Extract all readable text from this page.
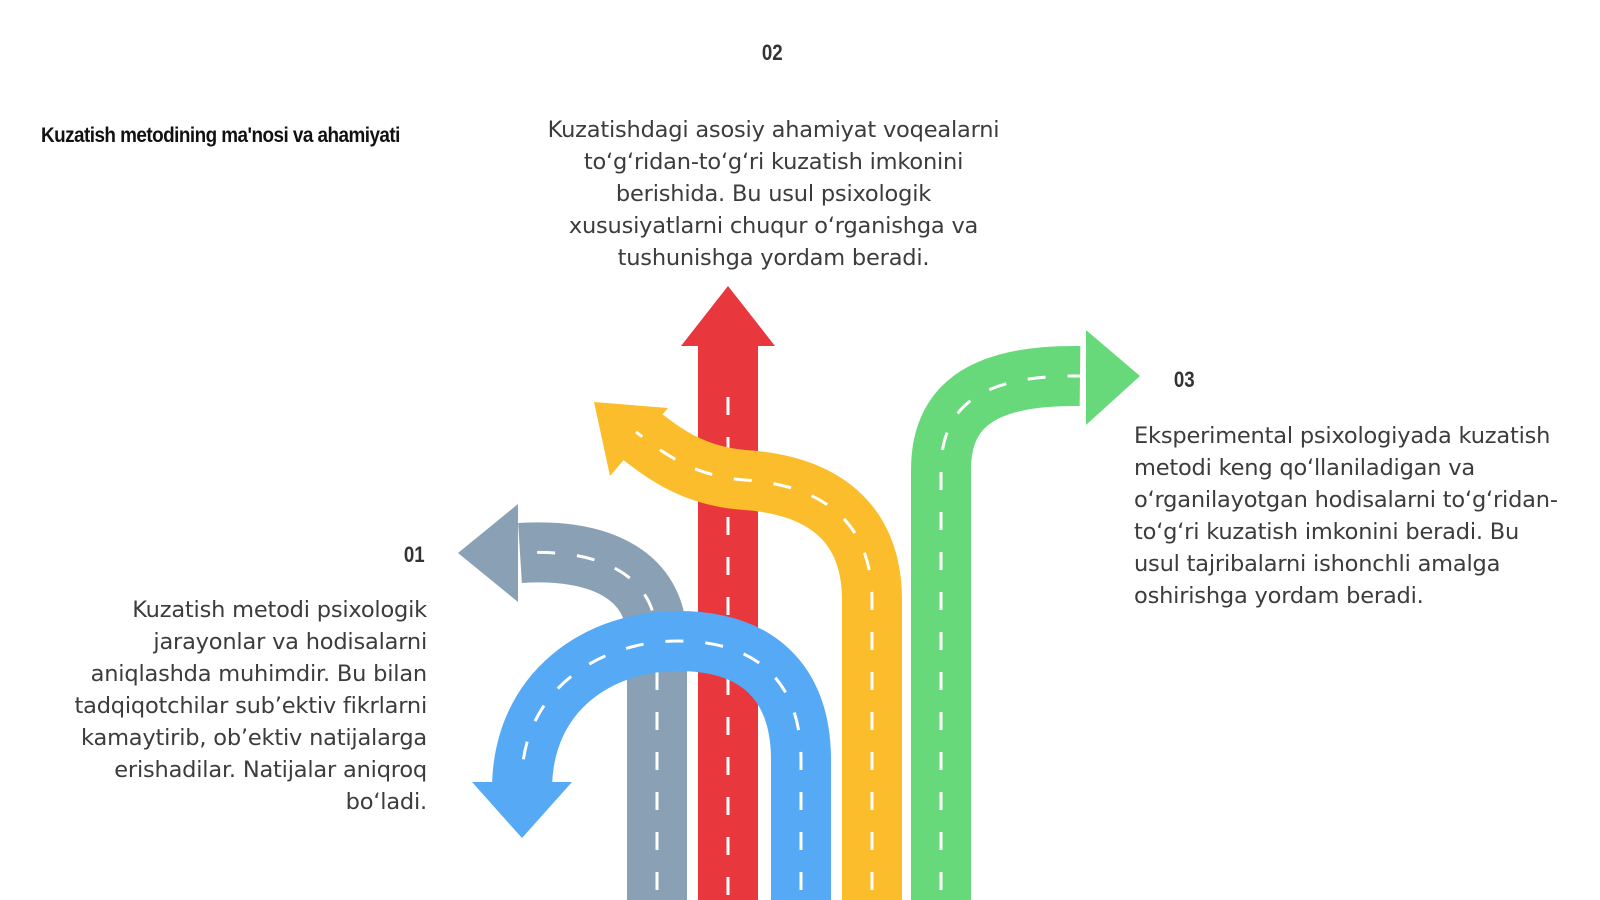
Kuzatish metodining ma'nosi va ahamiyati
02
Kuzatishdagi asosiy ahamiyat voqealarni to‘g‘ridan-to‘g‘ri kuzatish imkonini berishida. Bu usul psixologik xususiyatlarni chuqur o‘rganishga va tushunishga yordam beradi.
03
Eksperimental psixologiyada kuzatish metodi keng qo‘llaniladigan va o‘rganilayotgan hodisalarni to‘g‘ridan-to‘g‘ri kuzatish imkonini beradi. Bu usul tajribalarni ishonchli amalga oshirishga yordam beradi.
01
Kuzatish metodi psixologik jarayonlar va hodisalarni aniqlashda muhimdir. Bu bilan tadqiqotchilar sub’ektiv fikrlarni kamaytirib, ob’ektiv natijalarga erishadilar. Natijalar aniqroq bo‘ladi.
